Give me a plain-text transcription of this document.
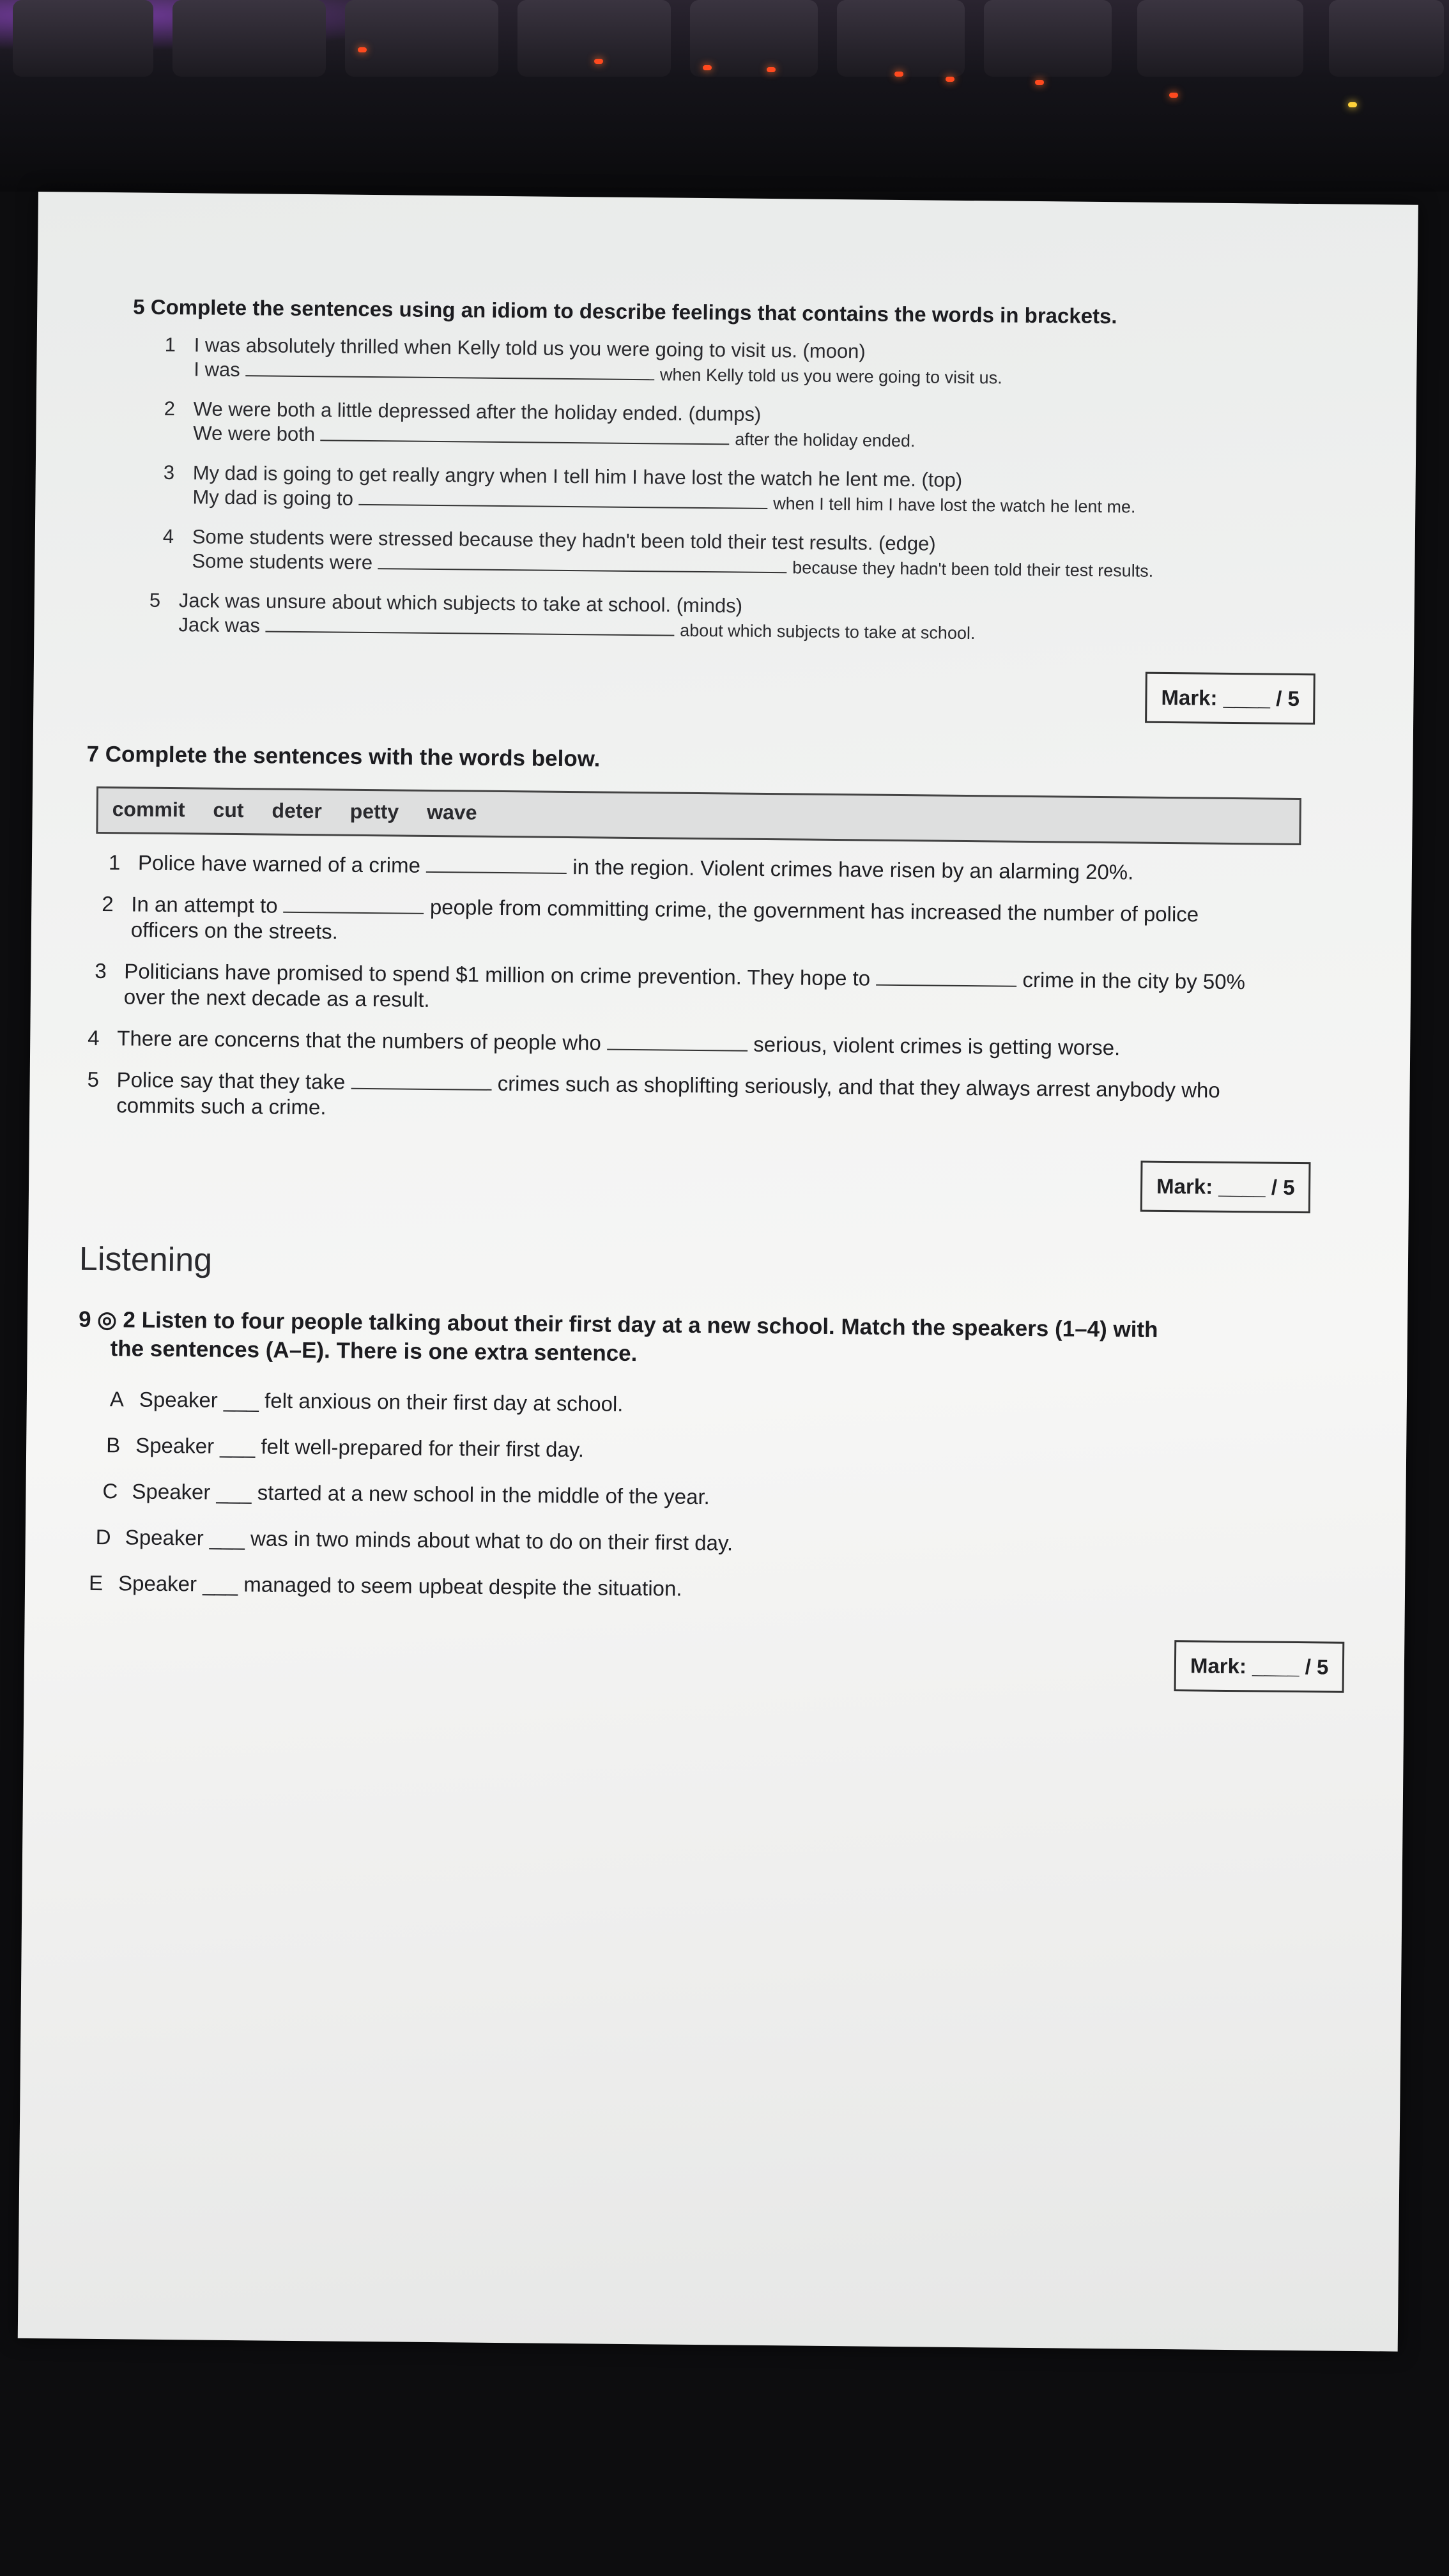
5 Complete the sentences using an idiom to describe feelings that contains the words in brackets.
1 I was absolutely thrilled when Kelly told us you were going to visit us. (moon)
I was	when Kelly told us you were going to visit us.
2 We were both a little depressed after the holiday ended. (dumps)
We were both	after the holiday ended.
3 My dad is going to get really angry when I tell him I have lost the watch he lent me. (top)
My dad is going to	when I tell him I have lost the watch he lent me.
4 Some students were stressed because they hadn't been told their test results. (edge)
Some students were	because they hadn't been told their test results.
5 Jack was unsure about which subjects to take at school. (minds)
Jack was	about which subjects to take at school.
Mark: ____ / 5
7 Complete the sentences with the words below.
commit cut deter petty wave
1 Police have warned of a crime	in the region. Violent crimes have risen by an alarming 20%.
2 In an attempt to	people from committing crime, the government has increased the number of police
officers on the streets.
3 Politicians have promised to spend $1 million on crime prevention. They hope to	crime in the city by 50%
over the next decade as a result.
4 There are concerns that the numbers of people who	serious, violent crimes is getting worse.
5 Police say that they take	crimes such as shoplifting seriously, and that they always arrest anybody who
commits such a crime.
Mark: ____ / 5
Listening
9 ◎ 2 Listen to four people talking about their first day at a new school. Match the speakers (1–4) with
the sentences (A–E). There is one extra sentence.
A Speaker ___ felt anxious on their first day at school.
B Speaker ___ felt well-prepared for their first day.
C Speaker ___ started at a new school in the middle of the year.
D Speaker ___ was in two minds about what to do on their first day.
E Speaker ___ managed to seem upbeat despite the situation.
Mark: ____ / 5
